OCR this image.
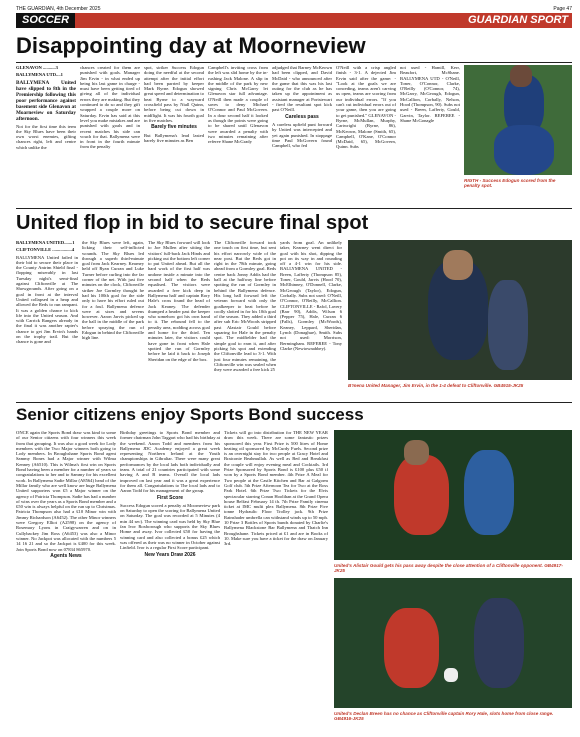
THE GUARDIAN, 4th December 2025	Page 47
SOCCER	GUARDIAN SPORT
Disappointing day at Moorneview

GLENAVON ...........3

BALLYMENA UTD....1

BALLYMENA United have slipped to 8th in the Premiership following this poor performance against basement side Glenavon at Moarneview on Saturday afternoon.

Not for the first time this term the Sky Blues have been their own worst enemies, gifting chances right, left and centre which unlike the

chances created for them are punished with goals. Manager Jim Ervin - in what ended up being his last game in charge - must have been getting tired of giving all of the individual errors they are making. But they continued to do so and they gift wrapped a couple more on Saturday. Ervin has said at this level you make mistakes and are punished with goals and in recent matches his side can vouch for that. Ballymena were in front in the fourth minute from the penalty

spot, striker Success Edogun doing the needful at the second attempt after the initial effort had been parried by keeper Mark Byrne. Edogun showed great speed and determination to beat Byrne to a wayward crossfield pass by Niall Quinn, before being cut down in midflight. It was his fourth goal in five matches.

Barely five minutes

But Ballymena's lead lasted barely five minutes as Ben

Campbell's inviting cross from the left was slid home by the in-rushing Jack Malone. A slip in the middle of the park by new signing Chris McGarry let Glenavon star full advantage. O'Neill then made a couple of saves to deny Michael O'Connor and Paul McGovern. In a dour second half it looked as though the points were going to be shared until Glenavon were awarded a penalty with two minutes remaining after referee Shane McGrady

adjudged that Barney McKeown had been clipped, and David McDaid - who announced after the game that this was his last outing for the club as he has taken up the appointment as assistant manager at Portstewart - fired the resultant spot kick past O'Neill.

Careless pass

A careless upfield punt forward by United was intercepted and yet again punished. In stoppage time Paul McGovern found Campbell, who fed

O'Neill with a crisp angled finish - 3-1. A dejected Jim Ervin said after the game: - "Look at the goals we are conceding, teams aren't carving us open, teams are scoring from our individual errors. "If you can't cut individual errors out of your game, then you are going to get punished." GLENAVON - Byrne, McMullan, Murphy, Cartwright (Byrne, 86), McKeown, Malone (Smith, 65), Campbell, O'Kane, O'Connor (McDaid, 65), McGovern, Quinn. Subs
not used - Hamill, Kerr, Beaufort, McShane. BALLYMENA UTD - O'Neill, Toner, O'Connor, Clarke, O'Reilly (O'Connor, 74), McGarry, McGeough, Edogun, McCallion, Corbally, Nelson, Hood (Thompson, 90). Subs not used - Breen, Lafferty, Gould, Garvin, Taylor. REFEREE - Shane McGonagle
RIGTH - Success Edogun scored from the penalty spot.
United flop in bid to secure final spot

BALLYMENA UNITED.......1

CLIFTONVILLE .................4

BALLYMENA United failed in their bid to secure their place in the County Antrim Shield final - flopping miserably in last Tuesday night's semi-final against Cliftonville at The Showgrounds. After going on a goal in front at the interval United collapsed in a heap and allowed the Reds to run rampant. It was a golden chance to kick life into the United season. And with Carrick Rangers already in the final it was another rapier's chance to get Jim Ervin's hands on the trophy trail. But the chance is gone and

the Sky Blues were left, again, licking their self-inflicted wounds. The Sky Blues led through a superb third-minute goal from Jack Kearney. Kearney held off Ryan Curran and Luke Turner before curling into the far corner of the net. With just five minutes on the clock, Cliftonville striker Joe Gormley thought he had his 100th goal for the side only to have his effort ruled out for a foul. Ballymena defence were at sixes and sevens however. Aaron Jarvis picked up the ball in the middle of the park before spraying the run of Edogun in behind the Cliftonville high line.
The Sky Blues forward will look to Joe Mullen after sitting the visitors' full-back Jack Hinds and picking out the bottom left corner to put United ahead. But all the hard work of the first half was undone inside a minute into the second half when the Reds equalised. The visitors were awarded a free kick deep in Ballymena half and captain Rory Hale's cross found the head of Jack Keaney. The defender thumped a header past the keeper who somehow got his own hand to it. The rebound fell to the penalty area, nodding across goal and home for the third. Ten minutes later, the visitors could have gone in front when Hale spotted the run of Gormley before he laid it back to Joseph Sheridan on the edge of the box.
The Cliftonville forward took one touch on first time, but sent his effort narrowly wide of the near post. But the Reds got in right in the 78th minute, going ahead from a Gormley goal. Reds centre back Jonny Addis had the ball at the halfway line before spotting the run of Gormley in behind the Ballymena defence. His long ball forward left the veteran forward with only the goalkeeper to beat before he coolly slotted in for his 10th goal of the season. They added a third after sub Eric McWoods stripped past Alastair Gould before squaring for Hale in the penalty spot. The midfielder had the simple goal to earn it, and after picking his spot and extending the Cliftonville lead to 3-1. With just four minutes remaining, the Cliftonville win was sealed when they were awarded a free kick 25
yards from goal. An unlikely taker, Kearney went direct for goal with his shot, dipping the pot on its way in and rounding off a 4-1 win for his side. BALLYMENA UNITED - Breen, Lafferty (Thompson 85), Toner, Gould, Jarvis (Hood 70), McElhinney, O'Donnell, Clarke, McGeough (Taylor), Edogun, Corbally. Subs not used: O'Neill, O'Connor, O'Reilly, McCallion. CLIFTONVILLE - Rafol, Lavery (Barr 90), Addis, Wilson 6 (Pepper 75), Hale, Curran 6 (Falls), Gormley (McWoods), Keaney, Leppard, Sheridan, Lynch (Donaghue), Smith. Subs not used: Morrison, Bermingham. REFEREE - Tony Clarke (Newtownabbey).
B'mena United Manager, Jim Ervin, in the 1-4 defeat to Cliftonville. GB4915-JK25
Senior citizens enjoy Sports Bond success

ONCE again the Sports Bond draw was kind to some of our Senior citizens with four winners this week from that grouping. It was also a good week for Lody members with the Two Major winners both going to Lody members. In Broughshane Sports Bond agent Sammy Bones had a Major winner with Wilma Kenney (A6510). This is Wilma's first win on Sports Bond having been a member for a number of years so congratulations to her and to Sammy for his excellent work. In Ballymena Sadie Millar (A8564) head of the Millar family who are well know are huge Ballymena United supporters won £5 a Major winner on the agency of Patricia Thompson. Sadie has had a number of wins over the years as a Sports Bond member and a £50 win is always helpful on the run up to Christmas. Patricia Thompson also had a £10 Minor win with Jimmy Richardson (A6452). The other Minor winners were Gregory Elliot (A2598) on the agency of Rosemary Lyons in Craigywarren and on in Cullybackey Jim Ross (A6453) was also a Minor winner. No Jackpot was allocated with the numbers 5 14 16 21 and so the Jackpot is £400 for this week. Join Sports Bond now on 07834 865970.

Agents News

Birthday greetings to Sports Bond member and former chairman John Taggart who had his birthday at the weekend. Aaron Todd and members from his Ballymena JDC Academy enjoyed a great week representing Northern Ireland at the Youth championships in Gibraltar. There were many great performances by the local lads both individually and team. A total of 21 countries participated with some having A and B teams. Overall the local lads improved on last year and it was a great experience for them all. Congratulations to The local lads and to Aaron Todd for his management of the group.

First Score

Success Edogun scored a penalty at Moorneview park on Saturday to open the scoring for Ballymena United on Saturday. The goal was recorded at 5 Minutes (4 min 44 sec). The winning card was held by Sky Blue fan Ivor Roxborough who supports the Sky Blues Home and away. Ivor collected £50 for having the winning card and also collected a bonus £25 which was offered as their was no winner in October against Linfield. Ivor is a regular First Score participant.

New Years Draw 2026

Tickets will go into distribution for THE NEW YEAR draw this week. There are some fantastic prizes sponsored this year. First Prize is 500 litres of Home heating oil sponsored by McCurdy Fuels. Second prize is an overnight stay for two people at Gracy Hotel and Braiconie Beahmullah. As well as Bed and Breakfast the couple will enjoy evening meal and Cocktails. 3rd Prize Sponsored by Sports Bond is £100 plus £50 if won by a Sports Bond member. 4th Prize A Meal for Two people at the Castle Kitchen and Bar at Galgorm Golf club. 5th Prize Afternoon Tea for Two at the Ross Park Hotel. 6th Prize Two Tickets for the Elvis spectacular starring Conan Hoolihan at the Grand Opera house Belfast February 14 th. 7th Prize Family cinema ticket at IMC multi plex Ballymena. 8th Prize Five tonne Hydraulic Floor Trolley jack. 9th Prize Rainshader umbrella can withstand winds up to 50 mph. 10 Prize 3 Bottles of Sports bunds donated by Charlie's Ballymena Blackstone Bar Ballymena and Thatch Inn Broughshane. Tickets priced at £1 and are in Books of 10. Make sure you have a ticket for the draw on January 3rd.
United's Alistair Gould gets his pass away despite the close attention of a Cliftonville opponent. GB4917-JK25
United's Declan Breen has no chance as Cliftonville captain Rory Hale, slots home from close range. GB4916-JK25
